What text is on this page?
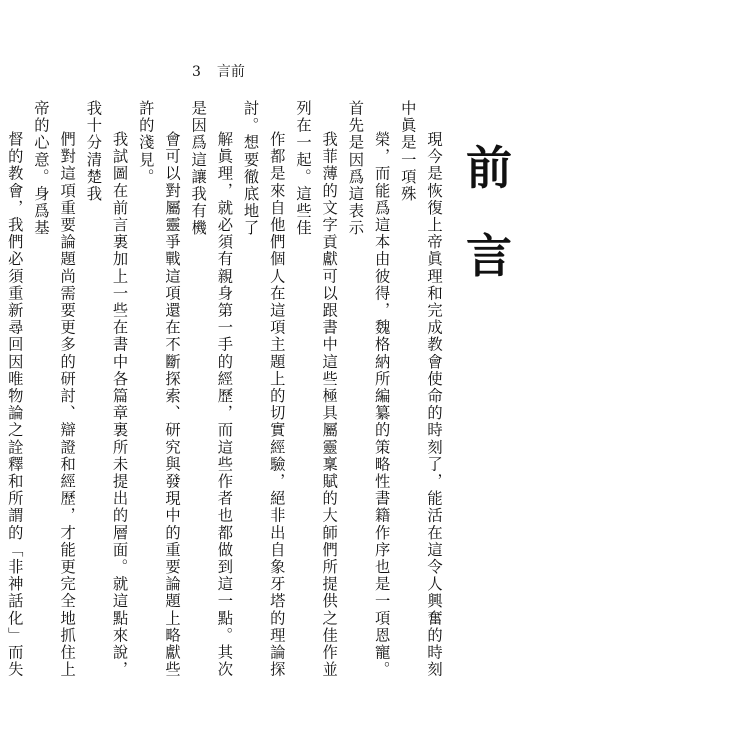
3 言前
前
言

現今是恢復上帝眞理和完成教會使命的時刻了，能活在這令人興奮的時刻中眞是一項殊
榮，而能爲這本由彼得，魏格納所編纂的策略性書籍作序也是一項恩寵。首先是因爲這表示
我菲薄的文字貢獻可以跟書中這些極具屬靈稟賦的大師們所提供之佳作並列在一起。這些佳
作都是來自他們個人在這項主題上的切實經驗，絕非出自象牙塔的理論探討。想要徹底地了
解眞理，就必須有親身第一手的經歷，而這些作者也都做到這一點。其次是因爲這讓我有機
會可以對屬靈爭戰這項還在不斷探索、研究與發現中的重要論題上略獻些許的淺見。

我試圖在前言裏加上一些在書中各篇章裏所未提出的層面。就這點來說，我十分清楚我
們對這項重要論題尚需要更多的研討、辯證和經歷，才能更完全地抓住上帝的心意。身爲基
督的教會，我們必須重新尋回因唯物論之詮釋和所謂的「非神話化」而失
